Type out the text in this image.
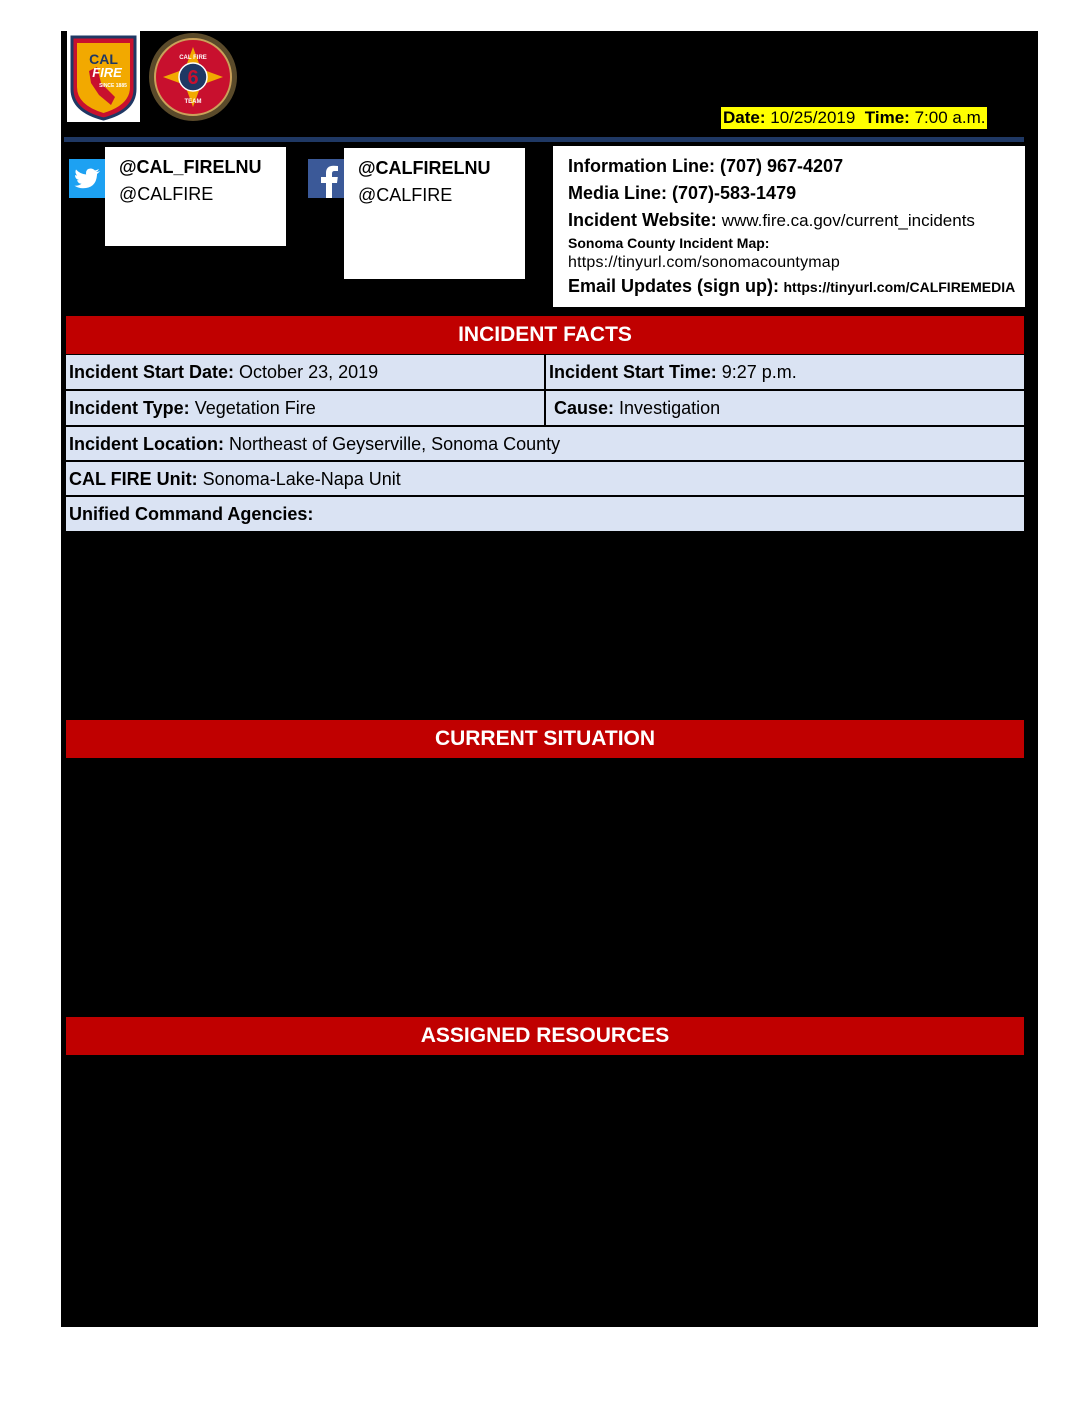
CAL
FIRE
SINCE 1885	6
CAL FIRE
TEAM
Date: 10/25/2019 Time: 7:00 a.m.
@CAL_FIRELNU
@CALFIRE
@CALFIRELNU
@CALFIRE
Information Line: (707) 967-4207
Media Line: (707)-583-1479
Incident Website: www.fire.ca.gov/current_incidents
Sonoma County Incident Map:
https://tinyurl.com/sonomacountymap
Email Updates (sign up): https://tinyurl.com/CALFIREMEDIA
INCIDENT FACTS
Incident Start Date: October 23, 2019	Incident Start Time: 9:27 p.m.
Incident Type: Vegetation Fire	Cause: Investigation
Incident Location: Northeast of Geyserville, Sonoma County
CAL FIRE Unit: Sonoma-Lake-Napa Unit
Unified Command Agencies:
CURRENT SITUATION
ASSIGNED RESOURCES
